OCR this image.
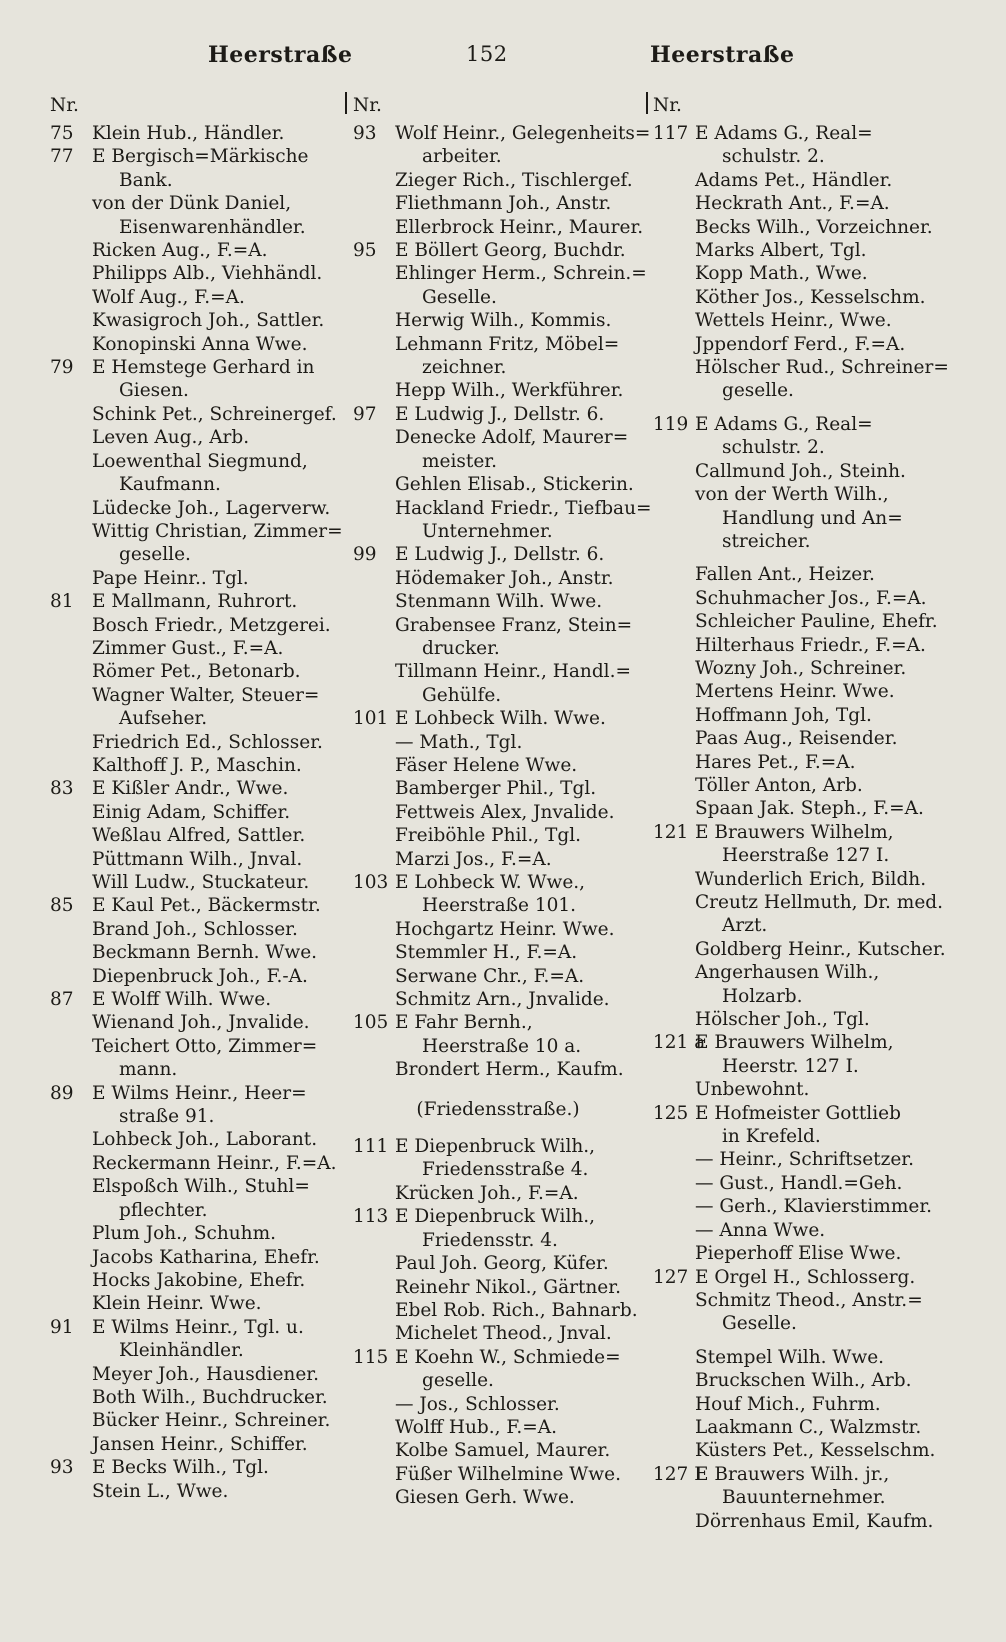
Heerstraße	152	Heerstraße
Nr.
75 Klein Hub., Händler.
77 E Bergisch=Märkische
Bank.
von der Dünk Daniel,
Eisenwarenhändler.
Ricken Aug., F.=A.
Philipps Alb., Viehhändl.
Wolf Aug., F.=A.
Kwasigroch Joh., Sattler.
Konopinski Anna Wwe.
79 E Hemstege Gerhard in
Giesen.
Schink Pet., Schreinergef.
Leven Aug., Arb.
Loewenthal Siegmund,
Kaufmann.
Lüdecke Joh., Lagerverw.
Wittig Christian, Zimmer=
geselle.
Pape Heinr.. Tgl.
81 E Mallmann, Ruhrort.
Bosch Friedr., Metzgerei.
Zimmer Gust., F.=A.
Römer Pet., Betonarb.
Wagner Walter, Steuer=
Aufseher.
Friedrich Ed., Schlosser.
Kalthoff J. P., Maschin.
83 E Kißler Andr., Wwe.
Einig Adam, Schiffer.
Weßlau Alfred, Sattler.
Püttmann Wilh., Jnval.
Will Ludw., Stuckateur.
85 E Kaul Pet., Bäckermstr.
Brand Joh., Schlosser.
Beckmann Bernh. Wwe.
Diepenbruck Joh., F.-A.
87 E Wolff Wilh. Wwe.
Wienand Joh., Jnvalide.
Teichert Otto, Zimmer=
mann.
89 E Wilms Heinr., Heer=
straße 91.
Lohbeck Joh., Laborant.
Reckermann Heinr., F.=A.
Elspoßch Wilh., Stuhl=
pflechter.
Plum Joh., Schuhm.
Jacobs Katharina, Ehefr.
Hocks Jakobine, Ehefr.
Klein Heinr. Wwe.
91 E Wilms Heinr., Tgl. u.
Kleinhändler.
Meyer Joh., Hausdiener.
Both Wilh., Buchdrucker.
Bücker Heinr., Schreiner.
Jansen Heinr., Schiffer.
93 E Becks Wilh., Tgl.
Stein L., Wwe.
Nr.
93 Wolf Heinr., Gelegenheits=
arbeiter.
Zieger Rich., Tischlergef.
Fliethmann Joh., Anstr.
Ellerbrock Heinr., Maurer.
95 E Böllert Georg, Buchdr.
Ehlinger Herm., Schrein.=
Geselle.
Herwig Wilh., Kommis.
Lehmann Fritz, Möbel=
zeichner.
Hepp Wilh., Werkführer.
97 E Ludwig J., Dellstr. 6.
Denecke Adolf, Maurer=
meister.
Gehlen Elisab., Stickerin.
Hackland Friedr., Tiefbau=
Unternehmer.
99 E Ludwig J., Dellstr. 6.
Hödemaker Joh., Anstr.
Stenmann Wilh. Wwe.
Grabensee Franz, Stein=
drucker.
Tillmann Heinr., Handl.=
Gehülfe.
101 E Lohbeck Wilh. Wwe.
— Math., Tgl.
Fäser Helene Wwe.
Bamberger Phil., Tgl.
Fettweis Alex, Jnvalide.
Freiböhle Phil., Tgl.
Marzi Jos., F.=A.
103 E Lohbeck W. Wwe.,
Heerstraße 101.
Hochgartz Heinr. Wwe.
Stemmler H., F.=A.
Serwane Chr., F.=A.
Schmitz Arn., Jnvalide.
105 E Fahr Bernh.,
Heerstraße 10 a.
Brondert Herm., Kaufm.
(Friedensstraße.)
111 E Diepenbruck Wilh.,
Friedensstraße 4.
Krücken Joh., F.=A.
113 E Diepenbruck Wilh.,
Friedensstr. 4.
Paul Joh. Georg, Küfer.
Reinehr Nikol., Gärtner.
Ebel Rob. Rich., Bahnarb.
Michelet Theod., Jnval.
115 E Koehn W., Schmiede=
geselle.
— Jos., Schlosser.
Wolff Hub., F.=A.
Kolbe Samuel, Maurer.
Füßer Wilhelmine Wwe.
Giesen Gerh. Wwe.
Nr.
117 E Adams G., Real=
schulstr. 2.
Adams Pet., Händler.
Heckrath Ant., F.=A.
Becks Wilh., Vorzeichner.
Marks Albert, Tgl.
Kopp Math., Wwe.
Köther Jos., Kesselschm.
Wettels Heinr., Wwe.
Jppendorf Ferd., F.=A.
Hölscher Rud., Schreiner=
geselle.
119 E Adams G., Real=
schulstr. 2.
Callmund Joh., Steinh.
von der Werth Wilh.,
Handlung und An=
streicher.
Fallen Ant., Heizer.
Schuhmacher Jos., F.=A.
Schleicher Pauline, Ehefr.
Hilterhaus Friedr., F.=A.
Wozny Joh., Schreiner.
Mertens Heinr. Wwe.
Hoffmann Joh, Tgl.
Paas Aug., Reisender.
Hares Pet., F.=A.
Töller Anton, Arb.
Spaan Jak. Steph., F.=A.
121 E Brauwers Wilhelm,
Heerstraße 127 I.
Wunderlich Erich, Bildh.
Creutz Hellmuth, Dr. med.
Arzt.
Goldberg Heinr., Kutscher.
Angerhausen Wilh.,
Holzarb.
Hölscher Joh., Tgl.
121 a
E Brauwers Wilhelm,
Heerstr. 127 I.
Unbewohnt.
125 E Hofmeister Gottlieb
in Krefeld.
— Heinr., Schriftsetzer.
— Gust., Handl.=Geh.
— Gerh., Klavierstimmer.
— Anna Wwe.
Pieperhoff Elise Wwe.
127 E Orgel H., Schlosserg.
Schmitz Theod., Anstr.=
Geselle.
Stempel Wilh. Wwe.
Bruckschen Wilh., Arb.
Houf Mich., Fuhrm.
Laakmann C., Walzmstr.
Küsters Pet., Kesselschm.
127 I
E Brauwers Wilh. jr.,
Bauunternehmer.
Dörrenhaus Emil, Kaufm.
